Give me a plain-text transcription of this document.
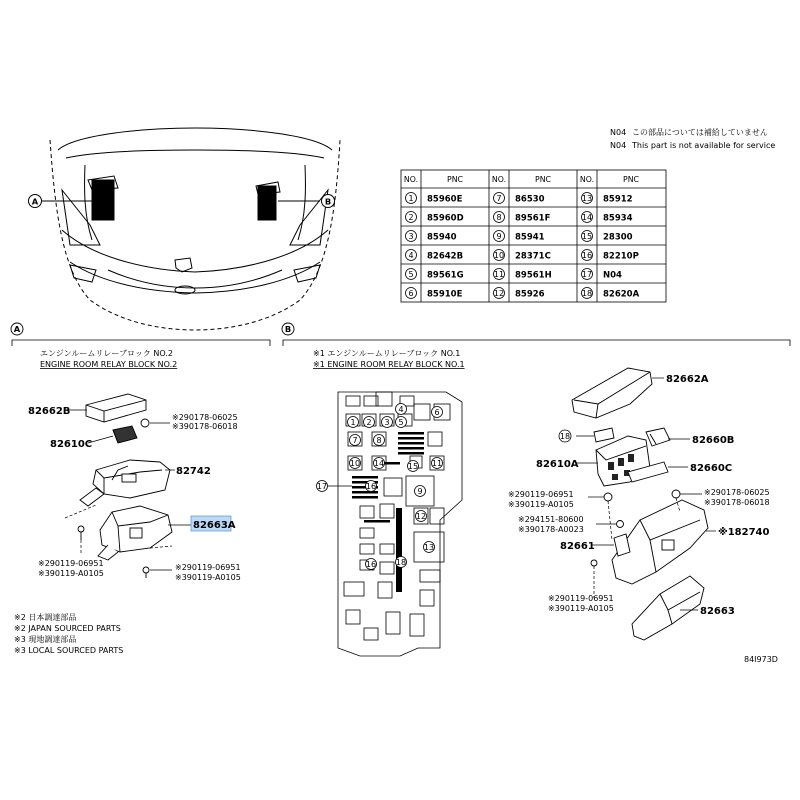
A	B
N04 この部品については補給していません
N04 This part is not available for service
NO.	PNC	NO.	PNC	NO.	PNC
1 85960E	7 86530	13 85912
2 85960D	8 89561F	14 85934
3 85940	9 85941	15 28300
4 82642B	10 28371C	16 82210P
5 89561G	11 89561H	17 N04
6 85910E	12 85926	18 82620A
A
エンジンルームリレーブロック NO.2
ENGINE ROOM RELAY BLOCK NO.2
B
※1 エンジンルームリレーブロック NO.1
※1 ENGINE ROOM RELAY BLOCK NO.1
82662B
82610C
82742
82663A
※290178-06025
※390178-06018
※290119-06951
※390119-A0105
※290119-06951
※390119-A0105
※2 日本調達部品
※2 JAPAN SOURCED PARTS
※3 現地調達部品
※3 LOCAL SOURCED PARTS
1 2 3
4
5
6
7 8
10	11
9
12
13
14	15
16
16
17
18
82662A
18	82660B
82610A	82660C
※290119-06951
※390119-A0105
※290178-06025
※390178-06018
※294151-80600
※390178-A0023
82661
※182740
※290119-06951
※390119-A0105	82663
84I973D
